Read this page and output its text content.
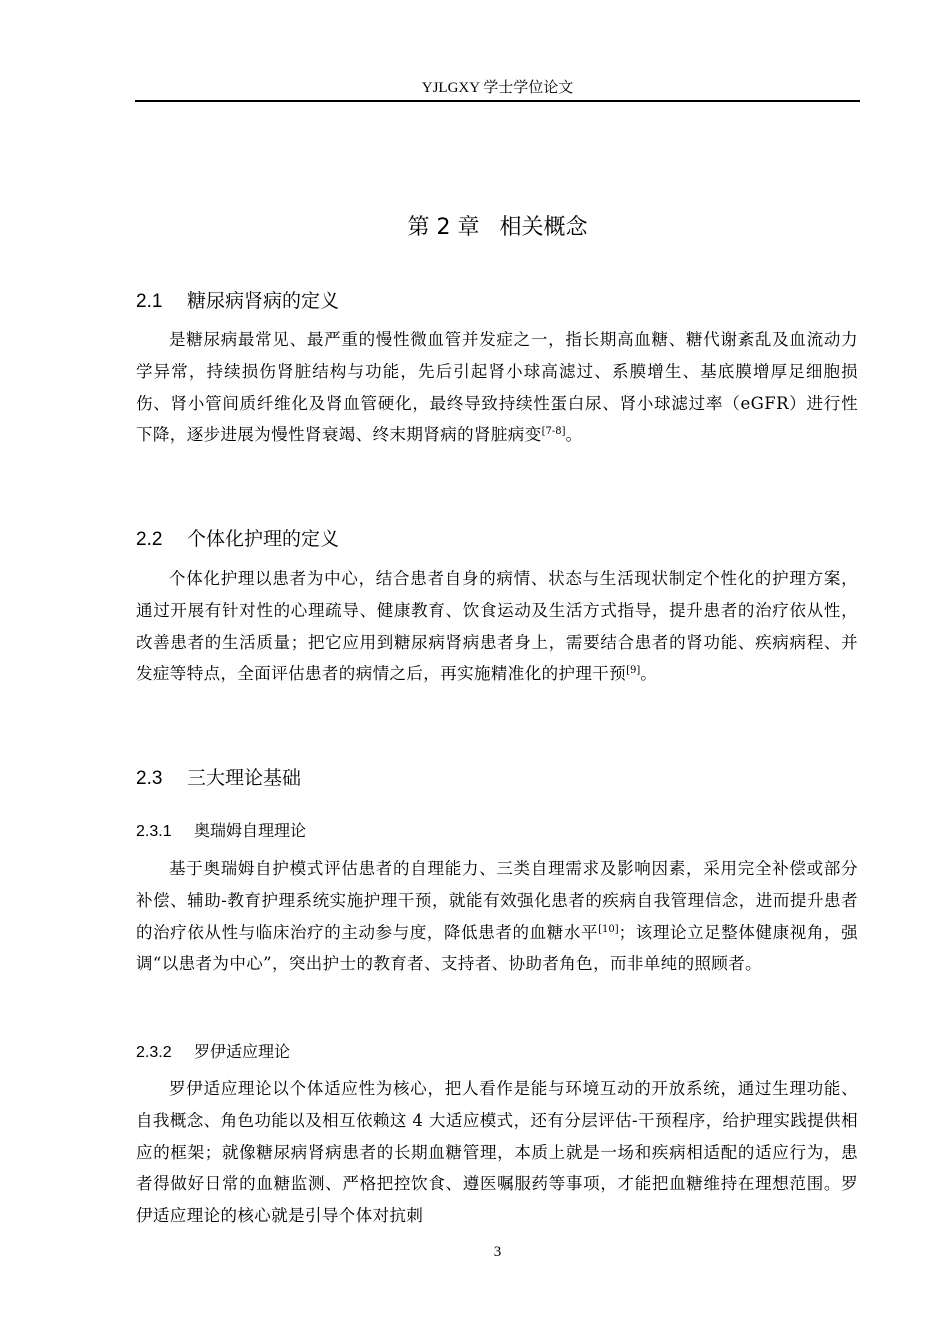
YJLGXY 学士学位论文
第 2 章 相关概念
2.1 糖尿病肾病的定义
是糖尿病最常见、最严重的慢性微血管并发症之一，指长期高血糖、糖代谢紊乱及血流动力学异常，持续损伤肾脏结构与功能，先后引起肾小球高滤过、系膜增生、基底膜增厚足细胞损伤、肾小管间质纤维化及肾血管硬化，最终导致持续性蛋白尿、肾小球滤过率（eGFR）进行性下降，逐步进展为慢性肾衰竭、终末期肾病的肾脏病变[7-8]。
2.2 个体化护理的定义
个体化护理以患者为中心，结合患者自身的病情、状态与生活现状制定个性化的护理方案，通过开展有针对性的心理疏导、健康教育、饮食运动及生活方式指导，提升患者的治疗依从性，改善患者的生活质量；把它应用到糖尿病肾病患者身上，需要结合患者的肾功能、疾病病程、并发症等特点，全面评估患者的病情之后，再实施精准化的护理干预[9]。
2.3 三大理论基础
2.3.1 奥瑞姆自理理论
基于奥瑞姆自护模式评估患者的自理能力、三类自理需求及影响因素，采用完全补偿或部分补偿、辅助-教育护理系统实施护理干预，就能有效强化患者的疾病自我管理信念，进而提升患者的治疗依从性与临床治疗的主动参与度，降低患者的血糖水平[10]；该理论立足整体健康视角，强调“以患者为中心”，突出护士的教育者、支持者、协助者角色，而非单纯的照顾者。
2.3.2 罗伊适应理论
罗伊适应理论以个体适应性为核心，把人看作是能与环境互动的开放系统，通过生理功能、自我概念、角色功能以及相互依赖这 4 大适应模式，还有分层评估-干预程序，给护理实践提供相应的框架；就像糖尿病肾病患者的长期血糖管理，本质上就是一场和疾病相适配的适应行为，患者得做好日常的血糖监测、严格把控饮食、遵医嘱服药等事项，才能把血糖维持在理想范围。罗伊适应理论的核心就是引导个体对抗刺
3
